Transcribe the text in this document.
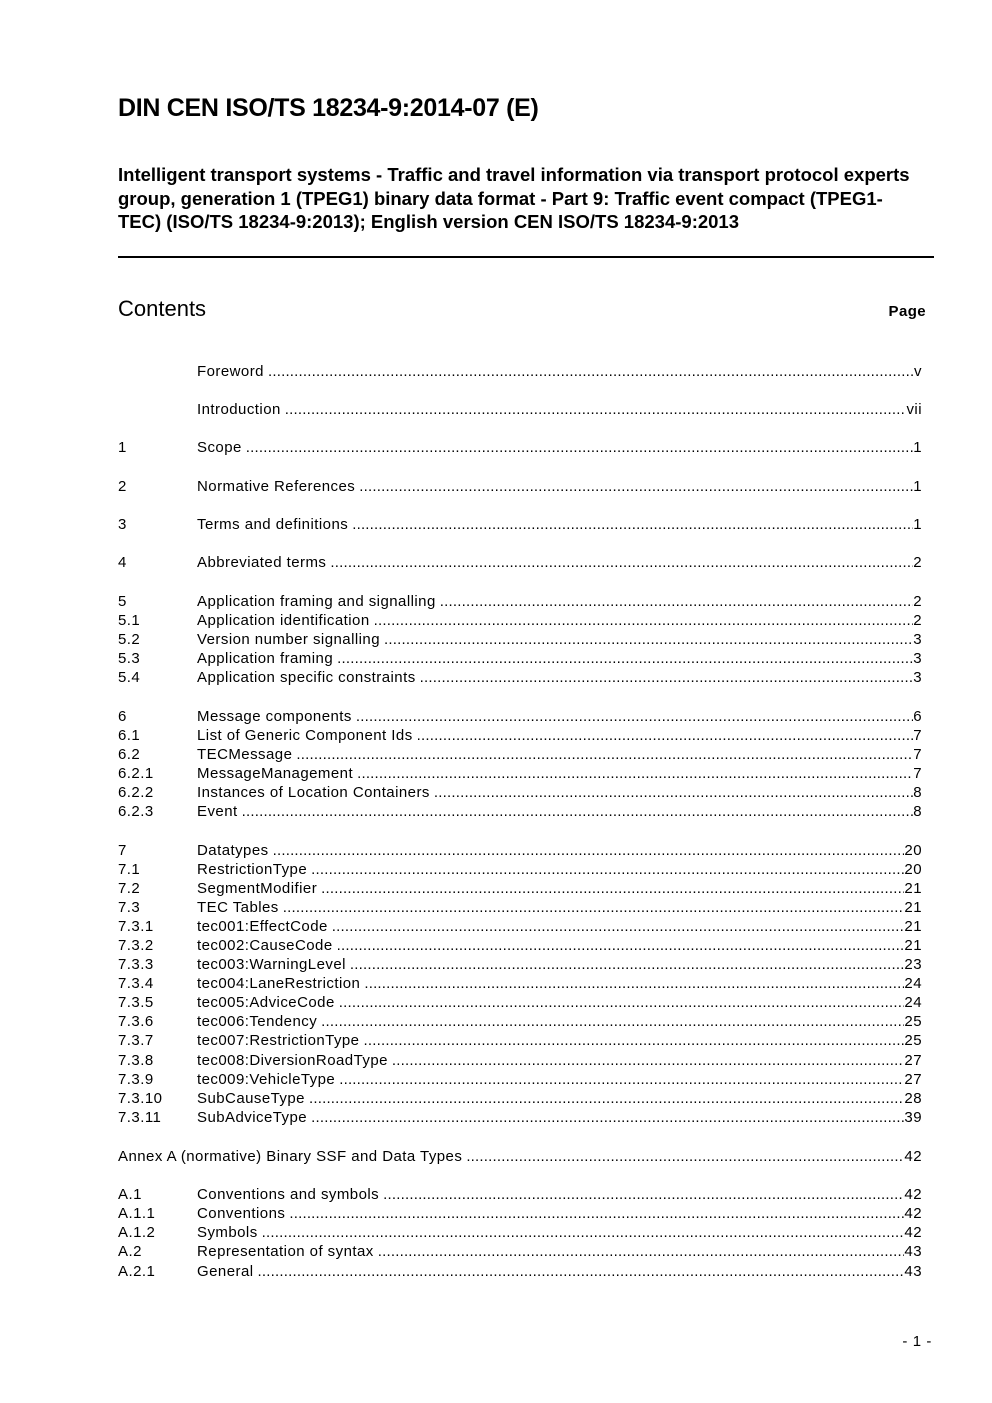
DIN CEN ISO/TS 18234-9:2014-07 (E)
Intelligent transport systems - Traffic and travel information via transport protocol experts group, generation 1 (TPEG1) binary data format - Part 9: Traffic event compact (TPEG1-TEC) (ISO/TS 18234-9:2013); English version CEN ISO/TS 18234-9:2013
Contents	Page
Foreword .....	v
Introduction .....	vii
1	Scope .....	1
2	Normative References .....	1
3	Terms and definitions .....	1
4	Abbreviated terms .....	2
5	Application framing and signalling .....	2
5.1	Application identification .....	2
5.2	Version number signalling .....	3
5.3	Application framing .....	3
5.4	Application specific constraints .....	3
6	Message components .....	6
6.1	List of Generic Component Ids .....	7
6.2	TECMessage .....	7
6.2.1	MessageManagement .....	7
6.2.2	Instances of Location Containers .....	8
6.2.3	Event .....	8
7	Datatypes .....	20
7.1	RestrictionType .....	20
7.2	SegmentModifier .....	21
7.3	TEC Tables .....	21
7.3.1	tec001:EffectCode .....	21
7.3.2	tec002:CauseCode .....	21
7.3.3	tec003:WarningLevel .....	23
7.3.4	tec004:LaneRestriction .....	24
7.3.5	tec005:AdviceCode .....	24
7.3.6	tec006:Tendency .....	25
7.3.7	tec007:RestrictionType .....	25
7.3.8	tec008:DiversionRoadType .....	27
7.3.9	tec009:VehicleType .....	27
7.3.10	SubCauseType .....	28
7.3.11	SubAdviceType .....	39
Annex A (normative) Binary SSF and Data Types .....	42
A.1	Conventions and symbols .....	42
A.1.1	Conventions .....	42
A.1.2	Symbols .....	42
A.2	Representation of syntax .....	43
A.2.1	General .....	43
- 1 -
